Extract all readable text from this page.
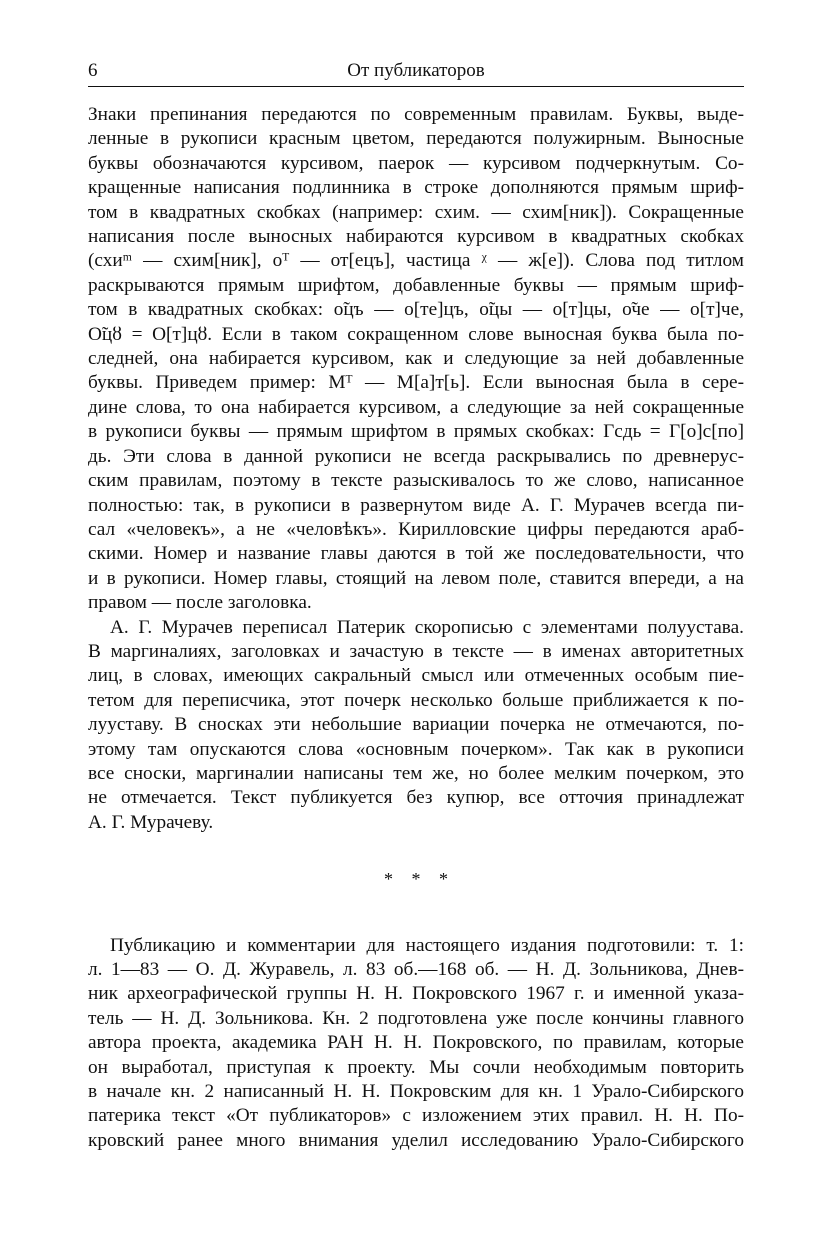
6	От публикаторов
Знаки препинания передаются по современным правилам. Буквы, выде-
ленные в рукописи красным цветом, передаются полужирным. Выносные
буквы обозначаются курсивом, паерок — курсивом подчеркнутым. Со-
кращенные написания подлинника в строке дополняются прямым шриф-
том в квадратных скобках (например: схим. — схим[ник]). Сокращенные
написания после выносных набираются курсивом в квадратных скобках
(схиᵐ — схим[ник], оᵀ — от[ецъ], частица ᵡ — ж[е]). Слова под титлом
раскрываются прямым шрифтом, добавленные буквы — прямым шриф-
том в квадратных скобках: о̃цъ — о[те]цъ, о̃цы — о[т]цы, о̃че — о[т]че,
О̃цȣ = О[т]цȣ. Если в таком сокращенном слове выносная буква была по-
следней, она набирается курсивом, как и следующие за ней добавленные
буквы. Приведем пример: Мᵀ — М[а]т[ь]. Если выносная была в сере-
дине слова, то она набирается курсивом, а следующие за ней сокращенные
в рукописи буквы — прямым шрифтом в прямых скобках: Гсдь = Г[о]с[по]
дь. Эти слова в данной рукописи не всегда раскрывались по древнерус-
ским правилам, поэтому в тексте разыскивалось то же слово, написанное
полностью: так, в рукописи в развернутом виде А. Г. Мурачев всегда пи-
сал «человекъ», а не «человѣкъ». Кирилловские цифры передаются араб-
скими. Номер и название главы даются в той же последовательности, что
и в рукописи. Номер главы, стоящий на левом поле, ставится впереди, а на
правом — после заголовка.
А. Г. Мурачев переписал Патерик скорописью с элементами полуустава.
В маргиналиях, заголовках и зачастую в тексте — в именах авторитетных
лиц, в словах, имеющих сакральный смысл или отмеченных особым пие-
тетом для переписчика, этот почерк несколько больше приближается к по-
лууставу. В сносках эти небольшие вариации почерка не отмечаются, по-
этому там опускаются слова «основным почерком». Так как в рукописи
все сноски, маргиналии написаны тем же, но более мелким почерком, это
не отмечается. Текст публикуется без купюр, все отточия принадлежат
А. Г. Мурачеву.
* * *
Публикацию и комментарии для настоящего издания подготовили: т. 1:
л. 1—83 — О. Д. Журавель, л. 83 об.—168 об. — Н. Д. Зольникова, Днев-
ник археографической группы Н. Н. Покровского 1967 г. и именной указа-
тель — Н. Д. Зольникова. Кн. 2 подготовлена уже после кончины главного
автора проекта, академика РАН Н. Н. Покровского, по правилам, которые
он выработал, приступая к проекту. Мы сочли необходимым повторить
в начале кн. 2 написанный Н. Н. Покровским для кн. 1 Урало-Сибирского
патерика текст «От публикаторов» с изложением этих правил. Н. Н. По-
кровский ранее много внимания уделил исследованию Урало-Сибирского
